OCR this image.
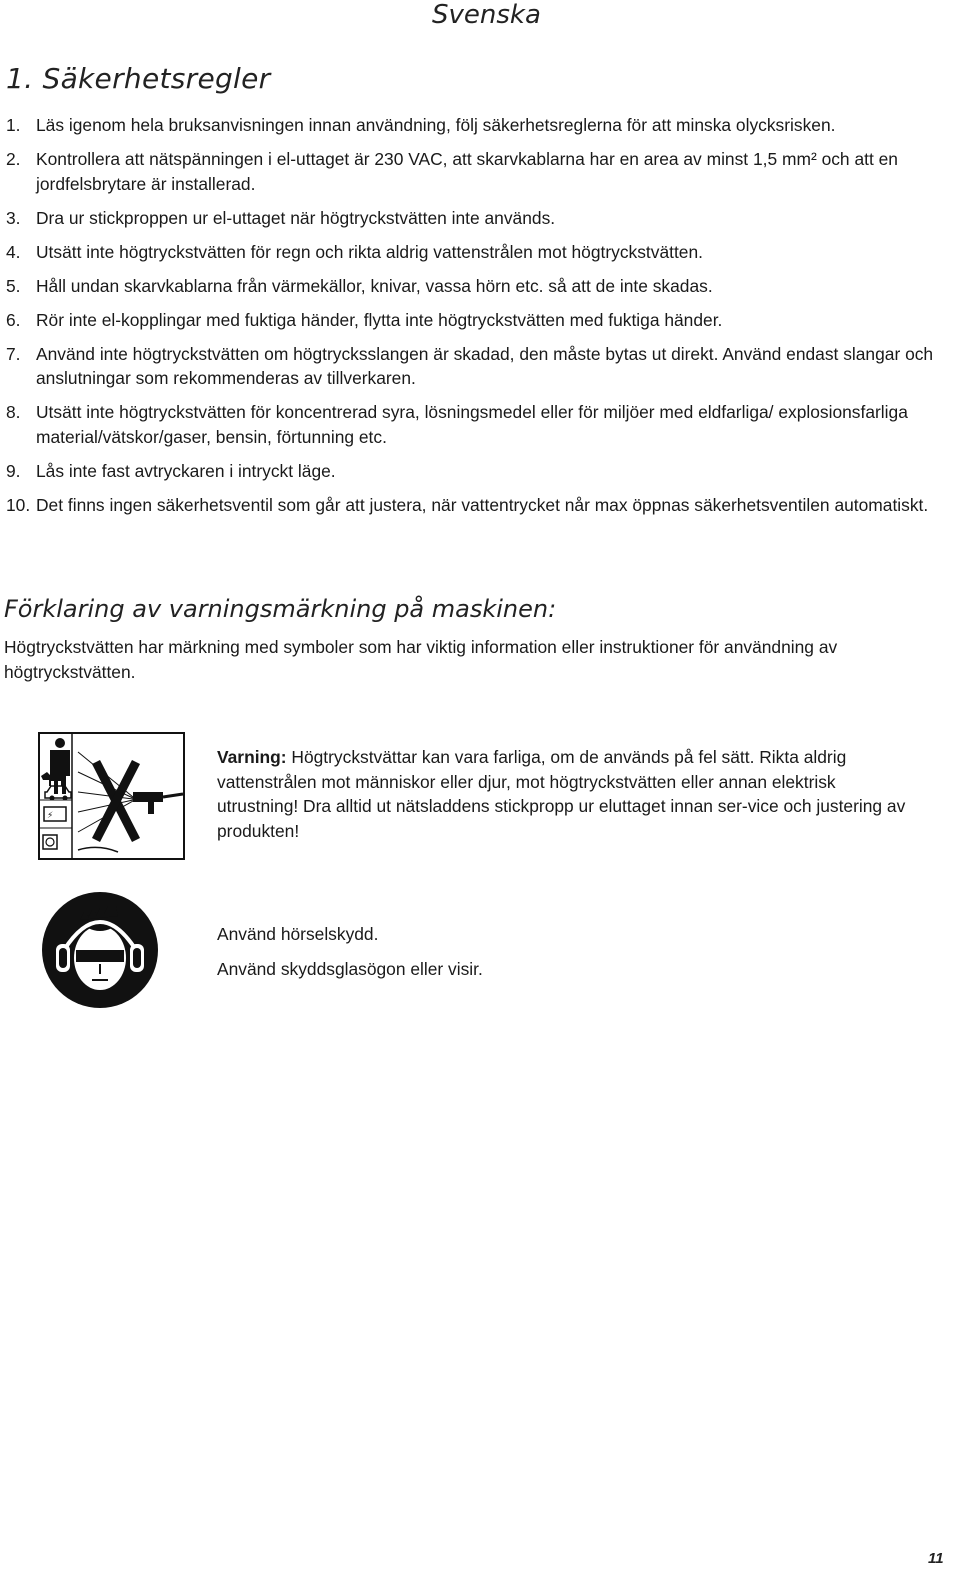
Svenska
1. Säkerhetsregler
1. Läs igenom hela bruksanvisningen innan användning, följ säkerhetsreglerna för att minska olycksrisken.
2. Kontrollera att nätspänningen i el-uttaget är 230 VAC, att skarvkablarna har en area av minst 1,5 mm² och att en jordfelsbrytare är installerad.
3. Dra ur stickproppen ur el-uttaget när högtryckstvätten inte används.
4. Utsätt inte högtryckstvätten för regn och rikta aldrig vattenstrålen mot högtryckstvätten.
5. Håll undan skarvkablarna från värmekällor, knivar, vassa hörn etc. så att de inte skadas.
6. Rör inte el-kopplingar med fuktiga händer, flytta inte högtryckstvätten med fuktiga händer.
7. Använd inte högtryckstvätten om högtrycksslangen är skadad, den måste bytas ut direkt. Använd endast slangar och anslutningar som rekommenderas av tillverkaren.
8. Utsätt inte högtryckstvätten för koncentrerad syra, lösningsmedel eller för miljöer med eldfarliga/ explosionsfarliga material/vätskor/gaser, bensin, förtunning etc.
9. Lås inte fast avtryckaren i intryckt läge.
10. Det finns ingen säkerhetsventil som går att justera, när vattentrycket når max öppnas säkerhetsventilen automatiskt.
Förklaring av varningsmärkning på maskinen:

Högtryckstvätten har märkning med symboler som har viktig information eller instruktioner för användning av högtryckstvätten.

⚡

Varning: Högtryckstvättar kan vara farliga, om de används på fel sätt. Rikta aldrig vattenstrålen mot människor eller djur, mot högtryckstvätten eller annan elektrisk utrustning! Dra alltid ut nätsladdens stickpropp ur eluttaget innan ser-vice och justering av produkten!

Använd hörselskydd.

Använd skyddsglasögon eller visir.

11
